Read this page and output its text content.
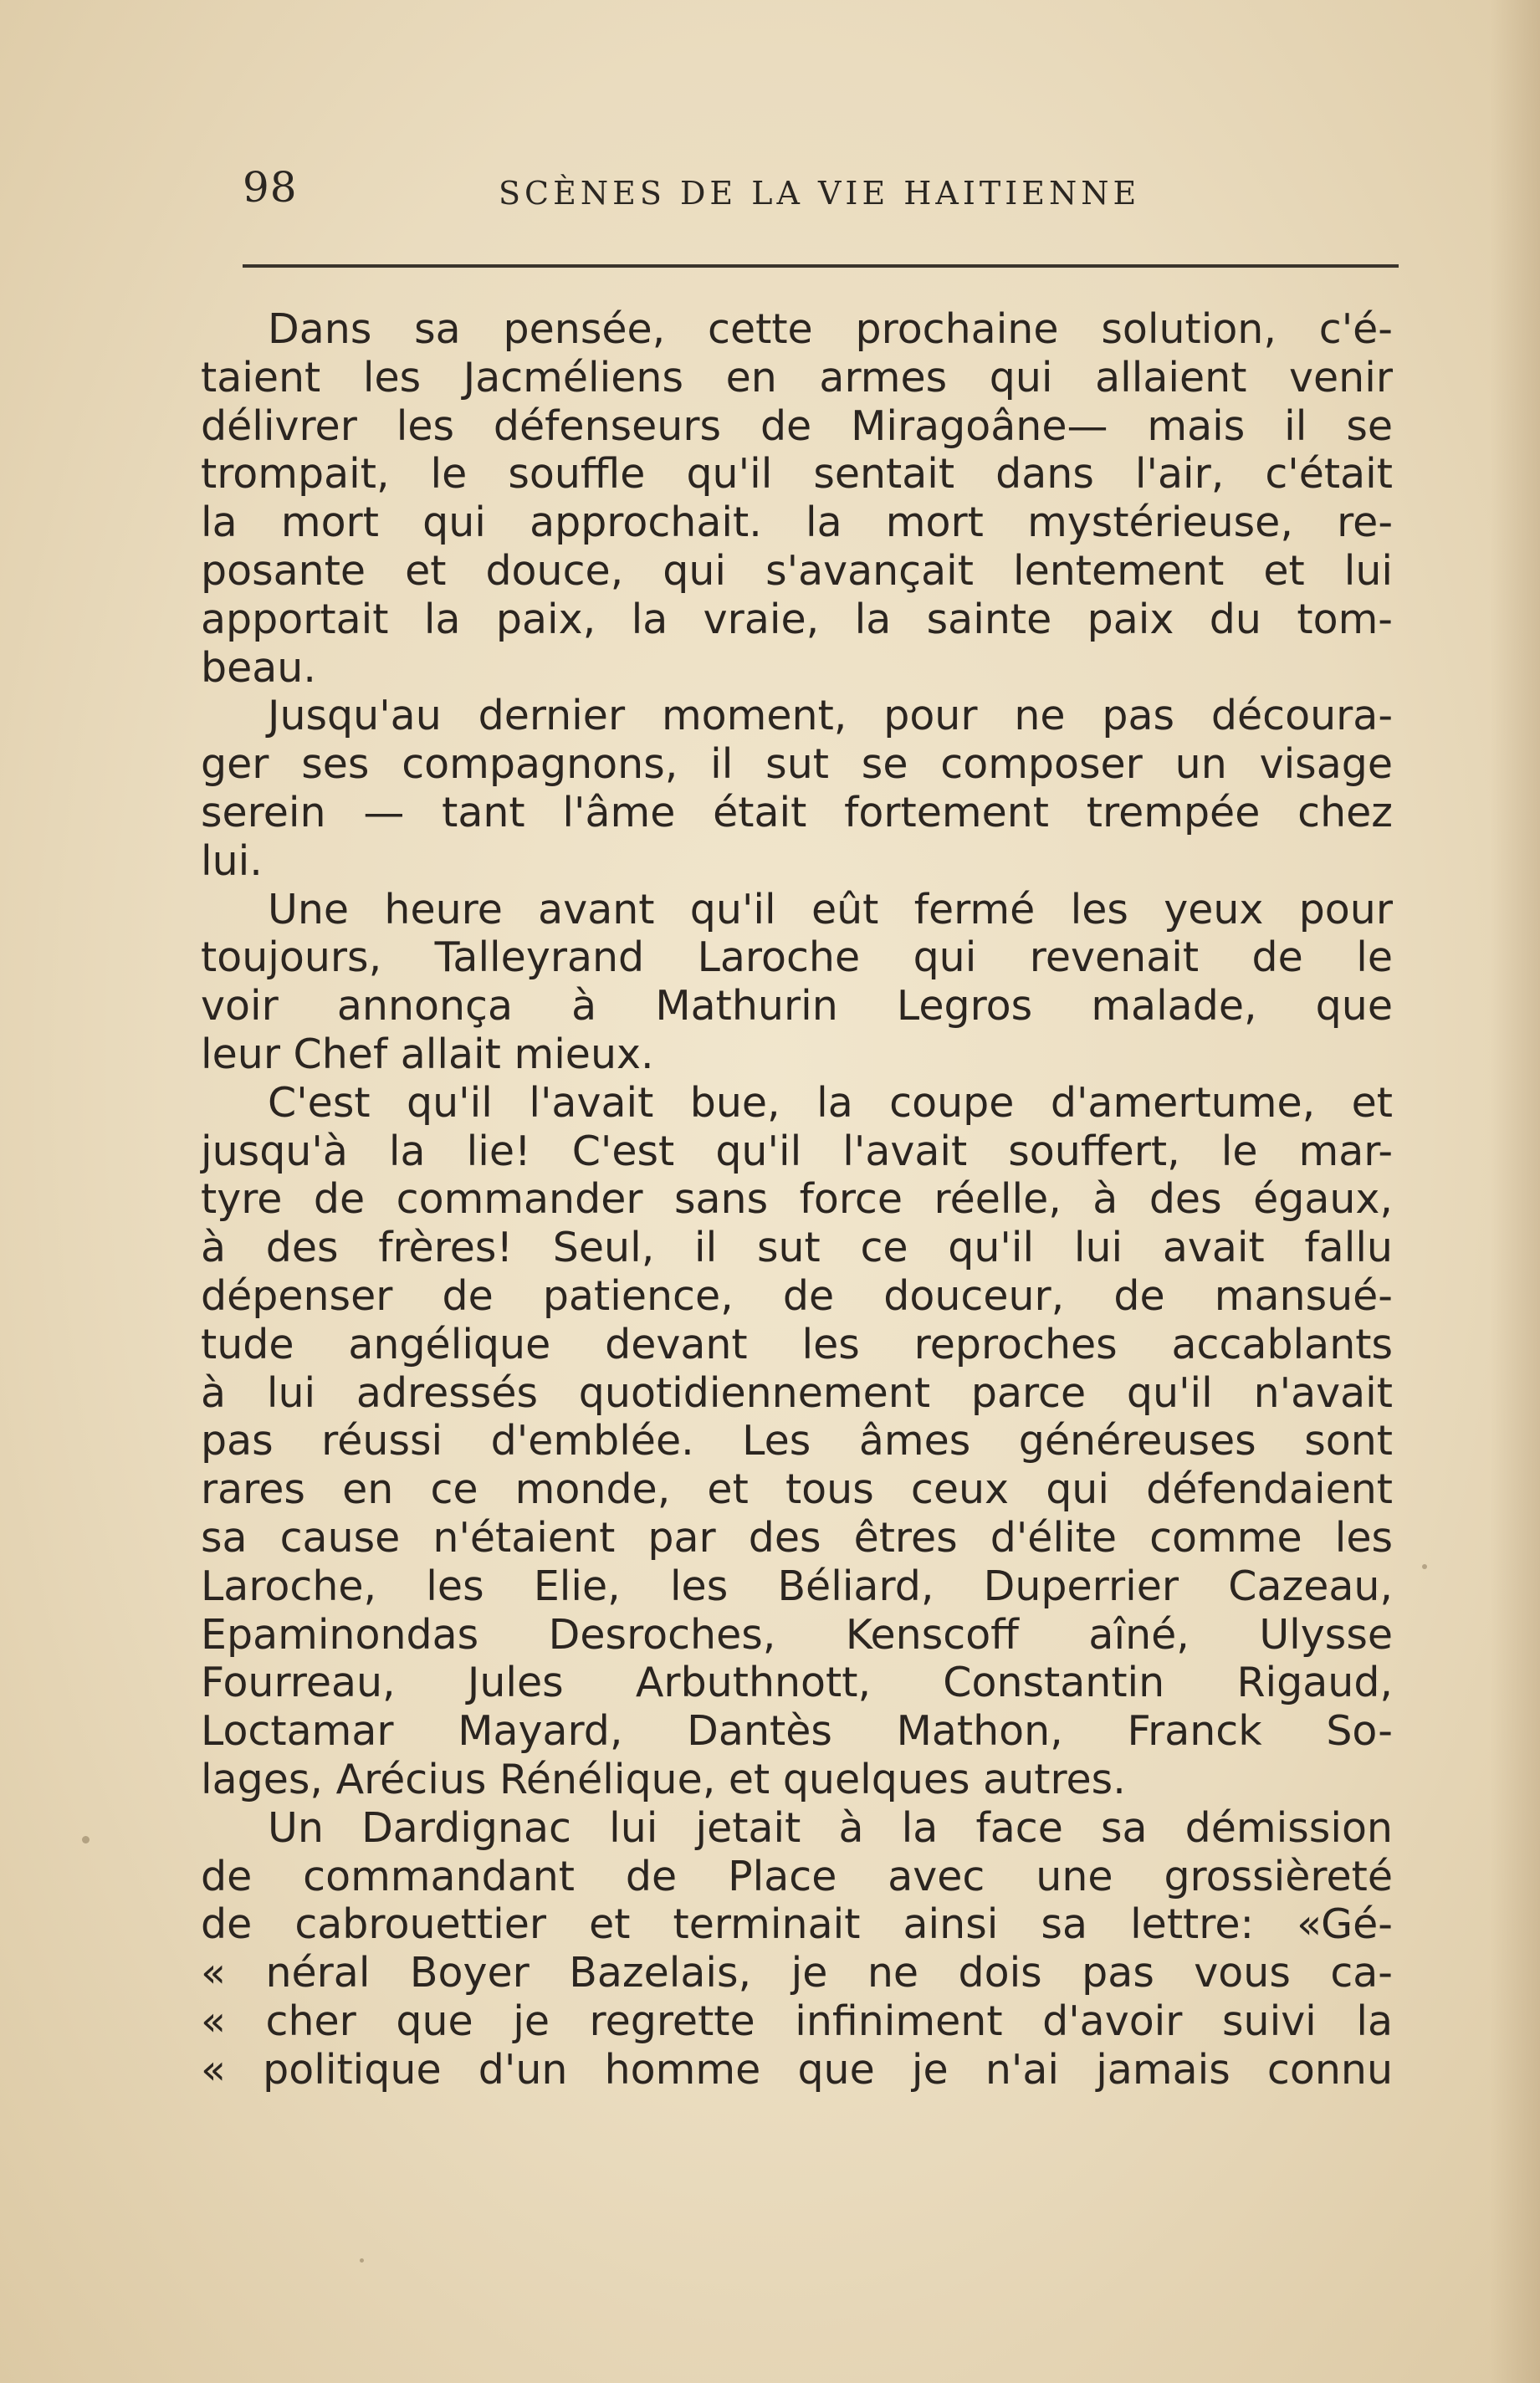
98	SCÈNES DE LA VIE HAITIENNE

Dans sa pensée, cette prochaine solution, c'é-
taient les Jacméliens en armes qui allaient venir
délivrer les défenseurs de Miragoâne— mais il se
trompait, le souffle qu'il sentait dans l'air, c'était
la mort qui approchait. la mort mystérieuse, re-
posante et douce, qui s'avançait lentement et lui
apportait la paix, la vraie, la sainte paix du tom-
beau.

Jusqu'au dernier moment, pour ne pas découra-
ger ses compagnons, il sut se composer un visage
serein — tant l'âme était fortement trempée chez
lui.

Une heure avant qu'il eût fermé les yeux pour
toujours, Talleyrand Laroche qui revenait de le
voir annonça à Mathurin Legros malade, que
leur Chef allait mieux.

C'est qu'il l'avait bue, la coupe d'amertume, et
jusqu'à la lie! C'est qu'il l'avait souffert, le mar-
tyre de commander sans force réelle, à des égaux,
à des frères! Seul, il sut ce qu'il lui avait fallu
dépenser de patience, de douceur, de mansué-
tude angélique devant les reproches accablants
à lui adressés quotidiennement parce qu'il n'avait
pas réussi d'emblée. Les âmes généreuses sont
rares en ce monde, et tous ceux qui défendaient
sa cause n'étaient par des êtres d'élite comme les
Laroche, les Elie, les Béliard, Duperrier Cazeau,
Epaminondas Desroches, Kenscoff aîné, Ulysse
Fourreau, Jules Arbuthnott, Constantin Rigaud,
Loctamar Mayard, Dantès Mathon, Franck So-
lages, Arécius Rénélique, et quelques autres.

Un Dardignac lui jetait à la face sa démission
de commandant de Place avec une grossièreté
de cabrouettier et terminait ainsi sa lettre: «Gé-
« néral Boyer Bazelais, je ne dois pas vous ca-
« cher que je regrette infiniment d'avoir suivi la
« politique d'un homme que je n'ai jamais connu
